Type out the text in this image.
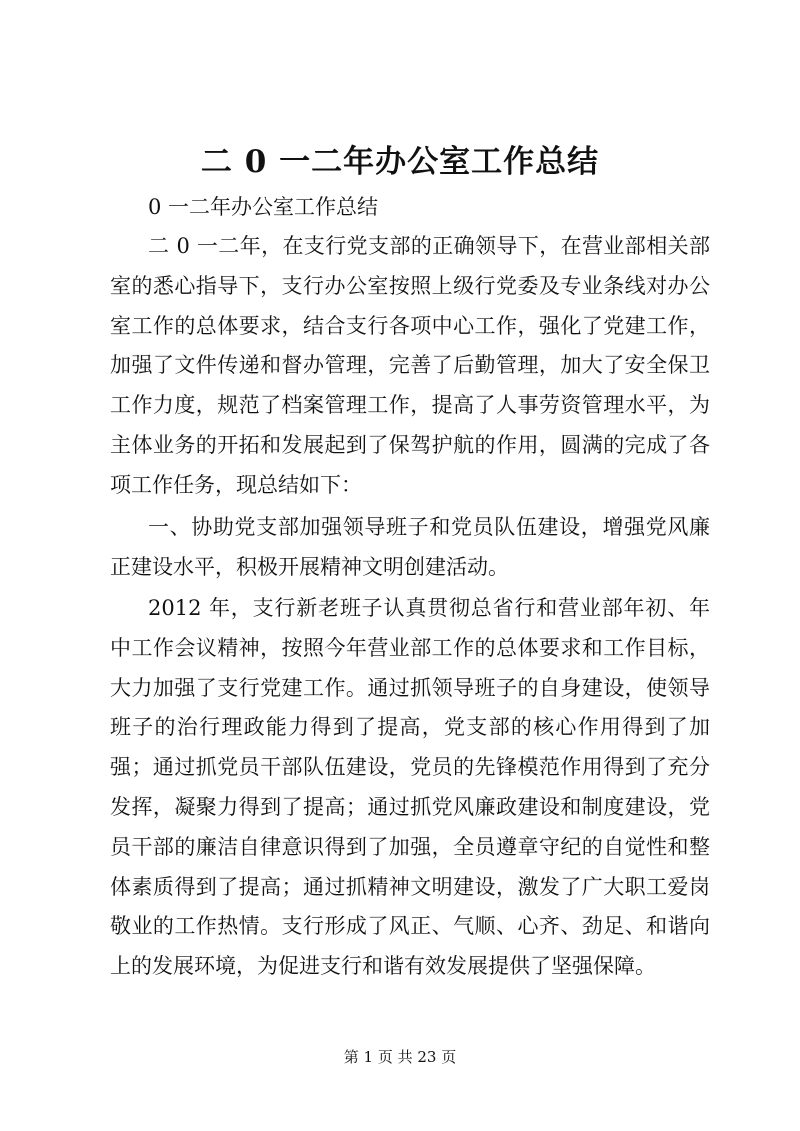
二 0 一二年办公室工作总结

0 一二年办公室工作总结

二 0 一二年，在支行党支部的正确领导下，在营业部相关部室的悉心指导下，支行办公室按照上级行党委及专业条线对办公室工作的总体要求，结合支行各项中心工作，强化了党建工作，加强了文件传递和督办管理，完善了后勤管理，加大了安全保卫工作力度，规范了档案管理工作，提高了人事劳资管理水平，为主体业务的开拓和发展起到了保驾护航的作用，圆满的完成了各项工作任务，现总结如下：

一、协助党支部加强领导班子和党员队伍建设，增强党风廉正建设水平，积极开展精神文明创建活动。

2012 年，支行新老班子认真贯彻总省行和营业部年初、年中工作会议精神，按照今年营业部工作的总体要求和工作目标，大力加强了支行党建工作。通过抓领导班子的自身建设，使领导班子的治行理政能力得到了提高，党支部的核心作用得到了加强；通过抓党员干部队伍建设，党员的先锋模范作用得到了充分发挥，凝聚力得到了提高；通过抓党风廉政建设和制度建设，党员干部的廉洁自律意识得到了加强，全员遵章守纪的自觉性和整体素质得到了提高；通过抓精神文明建设，激发了广大职工爱岗敬业的工作热情。支行形成了风正、气顺、心齐、劲足、和谐向上的发展环境，为促进支行和谐有效发展提供了坚强保障。

第 1 页 共 23 页
